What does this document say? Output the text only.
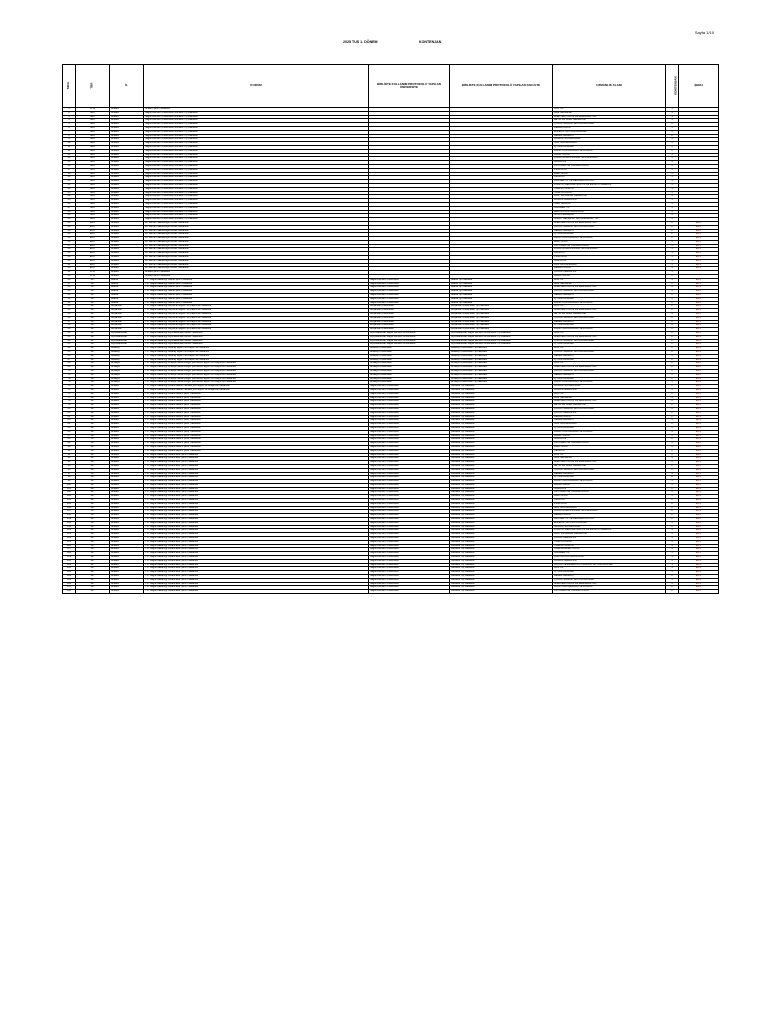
Sayfa 1/10
2025 TUS 1. DÖNEM	KONTENJAN
SIRA	TÜR	İL	KURUM	BİRLİKTE KULLANIM PROTOKOLÜ YAPILAN ÜNİVERSİTE	BİRLİKTE KULLANIM PROTOKOLÜ YAPILAN FAKÜLTE	UZMANLIK ALANI	KONTENJAN	ŞERH
1	KHA	Ankara	Ankara Şehir Hastanesi			ACİL TIP	4	
2	SBÜ	Ankara	Sağlık Bilimleri Üniversitesi Gülhane Tıp Fakültesi			AİLE HEKİMLİĞİ	1	
3	SBÜ	Ankara	Sağlık Bilimleri Üniversitesi Gülhane Tıp Fakültesi			ANESTEZİYOLOJİ VE REANİMASYON	1	
4	SBÜ	Ankara	Sağlık Bilimleri Üniversitesi Gülhane Tıp Fakültesi			BEYİN VE SİNİR CERRAHİSİ	1	
5	SBÜ	Ankara	Sağlık Bilimleri Üniversitesi Gülhane Tıp Fakültesi			ÇOCUK SAĞLIĞI VE HASTALIKLARI	2	
6	SBÜ	Ankara	Sağlık Bilimleri Üniversitesi Gülhane Tıp Fakültesi			DERMATOLOJİ	1	
7	SBÜ	Ankara	Sağlık Bilimleri Üniversitesi Gülhane Tıp Fakültesi			ENFEKSİYON HASTALIKLARI	1	
8	SBÜ	Ankara	Sağlık Bilimleri Üniversitesi Gülhane Tıp Fakültesi			GENEL CERRAHİ	2	
9	SBÜ	Ankara	Sağlık Bilimleri Üniversitesi Gülhane Tıp Fakültesi			GÖĞÜS HASTALIKLARI	1	
10	SBÜ	Ankara	Sağlık Bilimleri Üniversitesi Gülhane Tıp Fakültesi			GÖZ HASTALIKLARI	1	
11	SBÜ	Ankara	Sağlık Bilimleri Üniversitesi Gülhane Tıp Fakültesi			İÇ HASTALIKLARI	3	
12	SBÜ	Ankara	Sağlık Bilimleri Üniversitesi Gülhane Tıp Fakültesi			KADIN HASTALIKLARI VE DOĞUM	2	
13	SBÜ	Ankara	Sağlık Bilimleri Üniversitesi Gülhane Tıp Fakültesi			KARDİYOLOJİ	1	
14	SBÜ	Ankara	Sağlık Bilimleri Üniversitesi Gülhane Tıp Fakültesi			KULAK BURUN BOĞAZ HASTALIKLARI	1	
15	SBÜ	Ankara	Sağlık Bilimleri Üniversitesi Gülhane Tıp Fakültesi			NÖROLOJİ	1	
16	SBÜ	Ankara	Sağlık Bilimleri Üniversitesi Gülhane Tıp Fakültesi			ORTOPEDİ VE TRAVMATOLOJİ	1	
17	SBÜ	Ankara	Sağlık Bilimleri Üniversitesi Gülhane Tıp Fakültesi			PSİKİYATRİ	1	
18	SBÜ	Ankara	Sağlık Bilimleri Üniversitesi Gülhane Tıp Fakültesi			RADYOLOJİ	1	
19	SBÜ	Ankara	Sağlık Bilimleri Üniversitesi Gülhane Tıp Fakültesi			ÜROLOJİ	1	
20	SBÜ	Ankara	Sağlık Bilimleri Üniversitesi Gülhane Tıp Fakültesi			FİZİKSEL TIP VE REHABİLİTASYON	1	
21	SBÜ	Ankara	Sağlık Bilimleri Üniversitesi Gülhane Tıp Fakültesi			PLASTİK, REKONSTRÜKTİF VE ESTETİK CERRAHİ	1	
22	SBÜ	Ankara	Sağlık Bilimleri Üniversitesi Gülhane Tıp Fakültesi			TIBBİ BİYOKİMYA	1	
23	SBÜ	Ankara	Sağlık Bilimleri Üniversitesi Gülhane Tıp Fakültesi			TIBBİ PATOLOJİ	1	
24	SBÜ	Ankara	Sağlık Bilimleri Üniversitesi Gülhane Tıp Fakültesi			KALP VE DAMAR CERRAHİSİ	1	
25	SBÜ	Ankara	Sağlık Bilimleri Üniversitesi Gülhane Tıp Fakültesi			GÖĞÜS CERRAHİSİ	1	
26	SBÜ	Ankara	Sağlık Bilimleri Üniversitesi Gülhane Tıp Fakültesi			HALK SAĞLIĞI	1	
27	SBÜ	Ankara	Sağlık Bilimleri Üniversitesi Gülhane Tıp Fakültesi			NÜKLEER TIP	1	
28	SBÜ	Ankara	Sağlık Bilimleri Üniversitesi Gülhane Tıp Fakültesi			RADYASYON ONKOLOJİSİ	1	
29	SBÜ	Ankara	Sağlık Bilimleri Üniversitesi Gülhane Tıp Fakültesi			SPOR HEKİMLİĞİ	1	
30	SBÜ	Ankara	Sağlık Bilimleri Üniversitesi Gülhane Tıp Fakültesi			SUALTI HEKİMLİĞİ VE HİPERBARİK TIP	1	
31	EAH	Ankara	Dr. Burhan Nalbantoğlu Devlet Hastanesi			ANESTEZİYOLOJİ VE REANİMASYON	2	Ek-1
32	EAH	Ankara	Dr. Burhan Nalbantoğlu Devlet Hastanesi			ÇOCUK SAĞLIĞI VE HASTALIKLARI	2	Ek-1
33	EAH	Ankara	Dr. Burhan Nalbantoğlu Devlet Hastanesi			GENEL CERRAHİ	2	Ek-1
34	EAH	Ankara	Dr. Burhan Nalbantoğlu Devlet Hastanesi			İÇ HASTALIKLARI	2	Ek-1
35	EAH	Ankara	Dr. Burhan Nalbantoğlu Devlet Hastanesi			KADIN HASTALIKLARI VE DOĞUM	2	Ek-1
36	EAH	Ankara	Dr. Burhan Nalbantoğlu Devlet Hastanesi			RADYOLOJİ	1	Ek-1
37	EAH	Ankara	Dr. Burhan Nalbantoğlu Devlet Hastanesi			ORTOPEDİ VE TRAVMATOLOJİ	1	Ek-1
38	EAH	Ankara	Dr. Burhan Nalbantoğlu Devlet Hastanesi			KULAK BURUN BOĞAZ HASTALIKLARI	1	Ek-1
39	EAH	Ankara	Dr. Burhan Nalbantoğlu Devlet Hastanesi			ÜROLOJİ	1	Ek-1
40	EAH	Ankara	Dr. Burhan Nalbantoğlu Devlet Hastanesi			PSİKİYATRİ	1	Ek-1
41	EAH	Ankara	Dr. Burhan Nalbantoğlu Devlet Hastanesi			NÖROLOJİ	1	Ek-1
42	EAH	Ankara	Dr. Burhan Nalbantoğlu Devlet Hastanesi			GÖZ HASTALIKLARI	1	Ek-1
43	EAH	Ankara	Dr. Burhan Nalbantoğlu Devlet Hastanesi			DERMATOLOJİ	1	Ek-1
44	KHA	Ankara	Ankara Şehir Hastanesi			ÇOCUK CERRAHİSİ	1	
45	KHA	Ankara	Ankara Şehir Hastanesi			KARDİYOLOJİ	2	
46	DH	Adana	T.C. Sağlık Bakanlığı Adana Şehir Hastanesi	Sağlık Bilimleri Üniversitesi	Adana Tıp Fakültesi	ACİL TIP	4	Ek-1
47	DH	Adana	T.C. Sağlık Bakanlığı Adana Şehir Hastanesi	Sağlık Bilimleri Üniversitesi	Adana Tıp Fakültesi	AİLE HEKİMLİĞİ	2	Ek-1
48	DH	Adana	T.C. Sağlık Bakanlığı Adana Şehir Hastanesi	Sağlık Bilimleri Üniversitesi	Adana Tıp Fakültesi	ANESTEZİYOLOJİ VE REANİMASYON	3	Ek-1
49	DH	Adana	T.C. Sağlık Bakanlığı Adana Şehir Hastanesi	Sağlık Bilimleri Üniversitesi	Adana Tıp Fakültesi	ÇOCUK SAĞLIĞI VE HASTALIKLARI	4	Ek-1
50	DH	Adana	T.C. Sağlık Bakanlığı Adana Şehir Hastanesi	Sağlık Bilimleri Üniversitesi	Adana Tıp Fakültesi	GENEL CERRAHİ	2	Ek-1
51	DH	Adana	T.C. Sağlık Bakanlığı Adana Şehir Hastanesi	Sağlık Bilimleri Üniversitesi	Adana Tıp Fakültesi	İÇ HASTALIKLARI	3	Ek-1
52	DH	Adana	T.C. Sağlık Bakanlığı Adana Şehir Hastanesi	Sağlık Bilimleri Üniversitesi	Adana Tıp Fakültesi	KADIN HASTALIKLARI VE DOĞUM	2	Ek-1
53	DH	Adıyaman	T.C. Sağlık Bakanlığı Adıyaman Eğitim ve Araştırma Hastanesi	Adıyaman Üniversitesi	Adıyaman Üniversitesi Tıp Fakültesi	ACİL TIP	2	Ek-1
54	DH	Adıyaman	T.C. Sağlık Bakanlığı Adıyaman Eğitim ve Araştırma Hastanesi	Adıyaman Üniversitesi	Adıyaman Üniversitesi Tıp Fakültesi	ANESTEZİYOLOJİ VE REANİMASYON	2	Ek-1
55	DH	Adıyaman	T.C. Sağlık Bakanlığı Adıyaman Eğitim ve Araştırma Hastanesi	Adıyaman Üniversitesi	Adıyaman Üniversitesi Tıp Fakültesi	BEYİN VE SİNİR CERRAHİSİ	1	Ek-1
56	DH	Adıyaman	T.C. Sağlık Bakanlığı Adıyaman Eğitim ve Araştırma Hastanesi	Adıyaman Üniversitesi	Adıyaman Üniversitesi Tıp Fakültesi	ÇOCUK SAĞLIĞI VE HASTALIKLARI	2	Ek-1
57	DH	Adıyaman	T.C. Sağlık Bakanlığı Adıyaman Eğitim ve Araştırma Hastanesi	Adıyaman Üniversitesi	Adıyaman Üniversitesi Tıp Fakültesi	GENEL CERRAHİ	2	Ek-1
58	DH	Adıyaman	T.C. Sağlık Bakanlığı Adıyaman Eğitim ve Araştırma Hastanesi	Adıyaman Üniversitesi	Adıyaman Üniversitesi Tıp Fakültesi	İÇ HASTALIKLARI	3	Ek-1
59	DH	Adıyaman	T.C. Sağlık Bakanlığı Adıyaman Eğitim ve Araştırma Hastanesi	Adıyaman Üniversitesi	Adıyaman Üniversitesi Tıp Fakültesi	KADIN HASTALIKLARI VE DOĞUM	2	Ek-1
60	DH	Afyonkarahisar	T.C. Sağlık Bakanlığı Afyonkarahisar Devlet Hastanesi	Afyonkarahisar Sağlık Bilimleri Üniversitesi	Afyonkarahisar Sağlık Bilimleri Üniversitesi Tıp Fakültesi	ACİL TIP	2	Ek-1
61	DH	Afyonkarahisar	T.C. Sağlık Bakanlığı Afyonkarahisar Devlet Hastanesi	Afyonkarahisar Sağlık Bilimleri Üniversitesi	Afyonkarahisar Sağlık Bilimleri Üniversitesi Tıp Fakültesi	ANESTEZİYOLOJİ VE REANİMASYON	2	Ek-1
62	DH	Afyonkarahisar	T.C. Sağlık Bakanlığı Afyonkarahisar Devlet Hastanesi	Afyonkarahisar Sağlık Bilimleri Üniversitesi	Afyonkarahisar Sağlık Bilimleri Üniversitesi Tıp Fakültesi	ÇOCUK SAĞLIĞI VE HASTALIKLARI	2	Ek-1
63	DH	Afyonkarahisar	T.C. Sağlık Bakanlığı Afyonkarahisar Devlet Hastanesi	Afyonkarahisar Sağlık Bilimleri Üniversitesi	Afyonkarahisar Sağlık Bilimleri Üniversitesi Tıp Fakültesi	İÇ HASTALIKLARI	2	Ek-1
64	DH	Aksaray	T.C. Sağlık Bakanlığı Aksaray Eğitim ve Araştırma Hastanesi	Aksaray Üniversitesi	Aksaray Üniversitesi Tıp Fakültesi	ACİL TIP	2	Ek-1
65	DH	Aksaray	T.C. Sağlık Bakanlığı Aksaray Eğitim ve Araştırma Hastanesi	Aksaray Üniversitesi	Aksaray Üniversitesi Tıp Fakültesi	ÇOCUK SAĞLIĞI VE HASTALIKLARI	2	Ek-1
66	DH	Aksaray	T.C. Sağlık Bakanlığı Aksaray Eğitim ve Araştırma Hastanesi	Aksaray Üniversitesi	Aksaray Üniversitesi Tıp Fakültesi	GENEL CERRAHİ	1	Ek-1
67	DH	Aksaray	T.C. Sağlık Bakanlığı Aksaray Eğitim ve Araştırma Hastanesi	Aksaray Üniversitesi	Aksaray Üniversitesi Tıp Fakültesi	İÇ HASTALIKLARI	2	Ek-1
68	DH	Amasya	T.C. Sağlık Bakanlığı Amasya Sabuncuoğlu Şerefeddin Eğitim ve Araştırma Hastanesi	Amasya Üniversitesi	Amasya Üniversitesi Tıp Fakültesi	ACİL TIP	2	Ek-1
69	DH	Amasya	T.C. Sağlık Bakanlığı Amasya Sabuncuoğlu Şerefeddin Eğitim ve Araştırma Hastanesi	Amasya Üniversitesi	Amasya Üniversitesi Tıp Fakültesi	ANESTEZİYOLOJİ VE REANİMASYON	2	Ek-1
70	DH	Amasya	T.C. Sağlık Bakanlığı Amasya Sabuncuoğlu Şerefeddin Eğitim ve Araştırma Hastanesi	Amasya Üniversitesi	Amasya Üniversitesi Tıp Fakültesi	ÇOCUK SAĞLIĞI VE HASTALIKLARI	2	Ek-1
71	DH	Amasya	T.C. Sağlık Bakanlığı Amasya Sabuncuoğlu Şerefeddin Eğitim ve Araştırma Hastanesi	Amasya Üniversitesi	Amasya Üniversitesi Tıp Fakültesi	GENEL CERRAHİ	1	Ek-1
72	DH	Amasya	T.C. Sağlık Bakanlığı Amasya Sabuncuoğlu Şerefeddin Eğitim ve Araştırma Hastanesi	Amasya Üniversitesi	Amasya Üniversitesi Tıp Fakültesi	İÇ HASTALIKLARI	2	Ek-1
73	DH	Amasya	T.C. Sağlık Bakanlığı Amasya Sabuncuoğlu Şerefeddin Eğitim ve Araştırma Hastanesi	Amasya Üniversitesi	Amasya Üniversitesi Tıp Fakültesi	KADIN HASTALIKLARI VE DOĞUM	1	Ek-1
74	DH	Ankara	T.C. Sağlık Bakanlığı Ankara Atatürk Sanatoryum Eğitim ve Araştırma Hastanesi	Sağlık Bilimleri Üniversitesi	Gülhane Tıp Fakültesi	GÖĞÜS HASTALIKLARI	2	Ek-1
75	DH	Ankara	T.C. Sağlık Bakanlığı Ankara Atatürk Sanatoryum Eğitim ve Araştırma Hastanesi	Sağlık Bilimleri Üniversitesi	Gülhane Tıp Fakültesi	GÖĞÜS CERRAHİSİ	1	Ek-1
76	DH	Ankara	T.C. Sağlık Bakanlığı Ankara Bilkent Şehir Hastanesi	Sağlık Bilimleri Üniversitesi	Gülhane Tıp Fakültesi	ACİL TIP	6	Ek-1
77	DH	Ankara	T.C. Sağlık Bakanlığı Ankara Bilkent Şehir Hastanesi	Sağlık Bilimleri Üniversitesi	Gülhane Tıp Fakültesi	AİLE HEKİMLİĞİ	4	Ek-1
78	DH	Ankara	T.C. Sağlık Bakanlığı Ankara Bilkent Şehir Hastanesi	Sağlık Bilimleri Üniversitesi	Gülhane Tıp Fakültesi	ANESTEZİYOLOJİ VE REANİMASYON	6	Ek-1
79	DH	Ankara	T.C. Sağlık Bakanlığı Ankara Bilkent Şehir Hastanesi	Sağlık Bilimleri Üniversitesi	Gülhane Tıp Fakültesi	BEYİN VE SİNİR CERRAHİSİ	2	Ek-1
80	DH	Ankara	T.C. Sağlık Bakanlığı Ankara Bilkent Şehir Hastanesi	Sağlık Bilimleri Üniversitesi	Gülhane Tıp Fakültesi	ÇOCUK SAĞLIĞI VE HASTALIKLARI	6	Ek-1
81	DH	Ankara	T.C. Sağlık Bakanlığı Ankara Bilkent Şehir Hastanesi	Sağlık Bilimleri Üniversitesi	Gülhane Tıp Fakültesi	ÇOCUK CERRAHİSİ	2	Ek-1
82	DH	Ankara	T.C. Sağlık Bakanlığı Ankara Bilkent Şehir Hastanesi	Sağlık Bilimleri Üniversitesi	Gülhane Tıp Fakültesi	DERMATOLOJİ	2	Ek-1
83	DH	Ankara	T.C. Sağlık Bakanlığı Ankara Bilkent Şehir Hastanesi	Sağlık Bilimleri Üniversitesi	Gülhane Tıp Fakültesi	GENEL CERRAHİ	4	Ek-1
84	DH	Ankara	T.C. Sağlık Bakanlığı Ankara Bilkent Şehir Hastanesi	Sağlık Bilimleri Üniversitesi	Gülhane Tıp Fakültesi	GÖZ HASTALIKLARI	2	Ek-1
85	DH	Ankara	T.C. Sağlık Bakanlığı Ankara Bilkent Şehir Hastanesi	Sağlık Bilimleri Üniversitesi	Gülhane Tıp Fakültesi	İÇ HASTALIKLARI	8	Ek-1
86	DH	Ankara	T.C. Sağlık Bakanlığı Ankara Bilkent Şehir Hastanesi	Sağlık Bilimleri Üniversitesi	Gülhane Tıp Fakültesi	KADIN HASTALIKLARI VE DOĞUM	4	Ek-1
87	DH	Ankara	T.C. Sağlık Bakanlığı Ankara Bilkent Şehir Hastanesi	Sağlık Bilimleri Üniversitesi	Gülhane Tıp Fakültesi	KARDİYOLOJİ	3	Ek-1
88	DH	Ankara	T.C. Sağlık Bakanlığı Ankara Bilkent Şehir Hastanesi	Sağlık Bilimleri Üniversitesi	Gülhane Tıp Fakültesi	NÖROLOJİ	2	Ek-1
89	DH	Ankara	T.C. Sağlık Bakanlığı Ankara Bilkent Şehir Hastanesi	Sağlık Bilimleri Üniversitesi	Gülhane Tıp Fakültesi	ORTOPEDİ VE TRAVMATOLOJİ	3	Ek-1
90	DH	Ankara	T.C. Sağlık Bakanlığı Ankara Bilkent Şehir Hastanesi	Sağlık Bilimleri Üniversitesi	Gülhane Tıp Fakültesi	RADYOLOJİ	3	Ek-1
91	DH	Ankara	T.C. Sağlık Bakanlığı Ankara Bilkent Şehir Hastanesi	Sağlık Bilimleri Üniversitesi	Gülhane Tıp Fakültesi	ÜROLOJİ	2	Ek-1
92	DH	Ankara	T.C. Sağlık Bakanlığı Ankara Etlik Şehir Hastanesi	Sağlık Bilimleri Üniversitesi	Gülhane Tıp Fakültesi	ACİL TIP	6	Ek-1
93	DH	Ankara	T.C. Sağlık Bakanlığı Ankara Etlik Şehir Hastanesi	Sağlık Bilimleri Üniversitesi	Gülhane Tıp Fakültesi	AİLE HEKİMLİĞİ	4	Ek-1
94	DH	Ankara	T.C. Sağlık Bakanlığı Ankara Etlik Şehir Hastanesi	Sağlık Bilimleri Üniversitesi	Gülhane Tıp Fakültesi	ANESTEZİYOLOJİ VE REANİMASYON	6	Ek-1
95	DH	Ankara	T.C. Sağlık Bakanlığı Ankara Etlik Şehir Hastanesi	Sağlık Bilimleri Üniversitesi	Gülhane Tıp Fakültesi	BEYİN VE SİNİR CERRAHİSİ	2	Ek-1
96	DH	Ankara	T.C. Sağlık Bakanlığı Ankara Etlik Şehir Hastanesi	Sağlık Bilimleri Üniversitesi	Gülhane Tıp Fakültesi	ÇOCUK SAĞLIĞI VE HASTALIKLARI	6	Ek-1
97	DH	Ankara	T.C. Sağlık Bakanlığı Ankara Etlik Şehir Hastanesi	Sağlık Bilimleri Üniversitesi	Gülhane Tıp Fakültesi	GENEL CERRAHİ	4	Ek-1
98	DH	Ankara	T.C. Sağlık Bakanlığı Ankara Etlik Şehir Hastanesi	Sağlık Bilimleri Üniversitesi	Gülhane Tıp Fakültesi	İÇ HASTALIKLARI	8	Ek-1
99	DH	Ankara	T.C. Sağlık Bakanlığı Ankara Etlik Şehir Hastanesi	Sağlık Bilimleri Üniversitesi	Gülhane Tıp Fakültesi	KADIN HASTALIKLARI VE DOĞUM	4	Ek-1
100	DH	Ankara	T.C. Sağlık Bakanlığı Ankara Etlik Şehir Hastanesi	Sağlık Bilimleri Üniversitesi	Gülhane Tıp Fakültesi	KARDİYOLOJİ	3	Ek-1
101	DH	Ankara	T.C. Sağlık Bakanlığı Ankara Etlik Şehir Hastanesi	Sağlık Bilimleri Üniversitesi	Gülhane Tıp Fakültesi	NÖROLOJİ	2	Ek-1
102	DH	Ankara	T.C. Sağlık Bakanlığı Ankara Etlik Şehir Hastanesi	Sağlık Bilimleri Üniversitesi	Gülhane Tıp Fakültesi	ORTOPEDİ VE TRAVMATOLOJİ	3	Ek-1
103	DH	Ankara	T.C. Sağlık Bakanlığı Ankara Etlik Şehir Hastanesi	Sağlık Bilimleri Üniversitesi	Gülhane Tıp Fakültesi	RADYOLOJİ	3	Ek-1
104	DH	Ankara	T.C. Sağlık Bakanlığı Ankara Etlik Şehir Hastanesi	Sağlık Bilimleri Üniversitesi	Gülhane Tıp Fakültesi	ÜROLOJİ	2	Ek-1
105	DH	Ankara	T.C. Sağlık Bakanlığı Ankara Etlik Şehir Hastanesi	Sağlık Bilimleri Üniversitesi	Gülhane Tıp Fakültesi	PSİKİYATRİ	2	Ek-1
106	DH	Ankara	T.C. Sağlık Bakanlığı Ankara Etlik Şehir Hastanesi	Sağlık Bilimleri Üniversitesi	Gülhane Tıp Fakültesi	GÖZ HASTALIKLARI	2	Ek-1
107	DH	Ankara	T.C. Sağlık Bakanlığı Ankara Etlik Şehir Hastanesi	Sağlık Bilimleri Üniversitesi	Gülhane Tıp Fakültesi	KULAK BURUN BOĞAZ HASTALIKLARI	2	Ek-1
108	DH	Ankara	T.C. Sağlık Bakanlığı Ankara Etlik Şehir Hastanesi	Sağlık Bilimleri Üniversitesi	Gülhane Tıp Fakültesi	DERMATOLOJİ	2	Ek-1
109	DH	Ankara	T.C. Sağlık Bakanlığı Ankara Etlik Şehir Hastanesi	Sağlık Bilimleri Üniversitesi	Gülhane Tıp Fakültesi	FİZİKSEL TIP VE REHABİLİTASYON	2	Ek-1
110	DH	Ankara	T.C. Sağlık Bakanlığı Ankara Etlik Şehir Hastanesi	Sağlık Bilimleri Üniversitesi	Gülhane Tıp Fakültesi	ENFEKSİYON HASTALIKLARI	1	Ek-1
111	DH	Ankara	T.C. Sağlık Bakanlığı Ankara Etlik Şehir Hastanesi	Sağlık Bilimleri Üniversitesi	Gülhane Tıp Fakültesi	GÖĞÜS HASTALIKLARI	2	Ek-1
112	DH	Ankara	T.C. Sağlık Bakanlığı Ankara Etlik Şehir Hastanesi	Sağlık Bilimleri Üniversitesi	Gülhane Tıp Fakültesi	PLASTİK, REKONSTRÜKTİF VE ESTETİK CERRAHİ	1	Ek-1
113	DH	Ankara	T.C. Sağlık Bakanlığı Ankara Etlik Şehir Hastanesi	Sağlık Bilimleri Üniversitesi	Gülhane Tıp Fakültesi	KALP VE DAMAR CERRAHİSİ	1	Ek-1
114	DH	Ankara	T.C. Sağlık Bakanlığı Ankara Etlik Şehir Hastanesi	Sağlık Bilimleri Üniversitesi	Gülhane Tıp Fakültesi	ÇOCUK CERRAHİSİ	1	Ek-1
115	DH	Ankara	T.C. Sağlık Bakanlığı Ankara Etlik Şehir Hastanesi	Sağlık Bilimleri Üniversitesi	Gülhane Tıp Fakültesi	TIBBİ PATOLOJİ	1	Ek-1
116	DH	Ankara	T.C. Sağlık Bakanlığı Ankara Etlik Şehir Hastanesi	Sağlık Bilimleri Üniversitesi	Gülhane Tıp Fakültesi	TIBBİ BİYOKİMYA	1	Ek-1
117	DH	Ankara	T.C. Sağlık Bakanlığı Ankara Etlik Şehir Hastanesi	Sağlık Bilimleri Üniversitesi	Gülhane Tıp Fakültesi	TIBBİ MİKROBİYOLOJİ	1	Ek-1
118	DH	Ankara	T.C. Sağlık Bakanlığı Ankara Etlik Şehir Hastanesi	Sağlık Bilimleri Üniversitesi	Gülhane Tıp Fakültesi	NÜKLEER TIP	1	Ek-1
119	DH	Ankara	T.C. Sağlık Bakanlığı Ankara Etlik Şehir Hastanesi	Sağlık Bilimleri Üniversitesi	Gülhane Tıp Fakültesi	RADYASYON ONKOLOJİSİ	1	Ek-1
120	DH	Ankara	T.C. Sağlık Bakanlığı Ankara Etlik Şehir Hastanesi	Sağlık Bilimleri Üniversitesi	Gülhane Tıp Fakültesi	GÖĞÜS CERRAHİSİ	1	Ek-1
121	DH	Ankara	T.C. Sağlık Bakanlığı Ankara Etlik Şehir Hastanesi	Sağlık Bilimleri Üniversitesi	Gülhane Tıp Fakültesi	ÇOCUK VE ERGEN RUH SAĞLIĞI VE HASTALIKLARI	1	Ek-1
122	DH	Ankara	T.C. Sağlık Bakanlığı Ankara Etlik Şehir Hastanesi	Sağlık Bilimleri Üniversitesi	Gülhane Tıp Fakültesi	ACİL TIP	4	Ek-1
123	DH	Ankara	T.C. Sağlık Bakanlığı Ankara Etlik Şehir Hastanesi	Sağlık Bilimleri Üniversitesi	Gülhane Tıp Fakültesi	İÇ HASTALIKLARI	4	Ek-1
124	DH	Ankara	T.C. Sağlık Bakanlığı Ankara Etlik Şehir Hastanesi	Sağlık Bilimleri Üniversitesi	Gülhane Tıp Fakültesi	GENEL CERRAHİ	2	Ek-1
125	DH	Ankara	T.C. Sağlık Bakanlığı Ankara Etlik Şehir Hastanesi	Sağlık Bilimleri Üniversitesi	Gülhane Tıp Fakültesi	ÇOCUK SAĞLIĞI VE HASTALIKLARI	3	Ek-1
126	DH	Ankara	T.C. Sağlık Bakanlığı Ankara Etlik Şehir Hastanesi	Sağlık Bilimleri Üniversitesi	Gülhane Tıp Fakültesi	ANESTEZİYOLOJİ VE REANİMASYON	3	Ek-1
127	DH	Ankara	T.C. Sağlık Bakanlığı Ankara Etlik Şehir Hastanesi	Sağlık Bilimleri Üniversitesi	Gülhane Tıp Fakültesi	KADIN HASTALIKLARI VE DOĞUM	2	Ek-1
128	DH	Ankara	T.C. Sağlık Bakanlığı Ankara Etlik Şehir Hastanesi	Sağlık Bilimleri Üniversitesi	Gülhane Tıp Fakültesi	ORTOPEDİ VE TRAVMATOLOJİ	2	Ek-1
